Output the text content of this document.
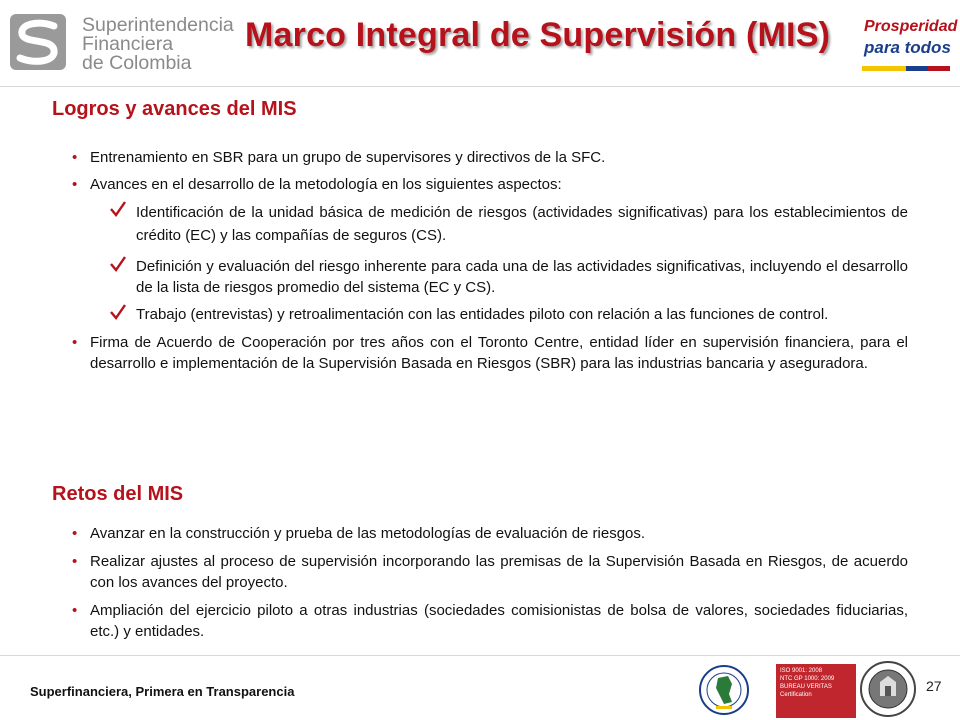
Superintendencia
Financiera
de Colombia
Marco Integral de Supervisión (MIS) Prosperidad
para todos
Logros y avances del MIS
• Entrenamiento en SBR para un grupo de supervisores y directivos de la SFC.
• Avances en el desarrollo de la metodología en los siguientes aspectos:
Identificación de la unidad básica de medición de riesgos (actividades significativas) para los establecimientos de crédito (EC) y las compañías de seguros (CS).
Definición y evaluación del riesgo inherente para cada una de las actividades significativas, incluyendo el desarrollo de la lista de riesgos promedio del sistema (EC y CS).
Trabajo (entrevistas) y retroalimentación con las entidades piloto con relación a las funciones de control.
• Firma de Acuerdo de Cooperación por tres años con el Toronto Centre, entidad líder en supervisión financiera, para el desarrollo e implementación de la Supervisión Basada en Riesgos (SBR) para las industrias bancaria y aseguradora.
Retos del MIS
• Avanzar en la construcción y prueba de las metodologías de evaluación de riesgos.
• Realizar ajustes al proceso de supervisión incorporando las premisas de la Supervisión Basada en Riesgos, de acuerdo con los avances del proyecto.
• Ampliación del ejercicio piloto a otras industrias (sociedades comisionistas de bolsa de valores, sociedades fiduciarias, etc.) y entidades.
Superfinanciera, Primera en Transparencia
ISO 9001: 2008
NTC GP 1000: 2009
BUREAU VERITAS
Certification
27
